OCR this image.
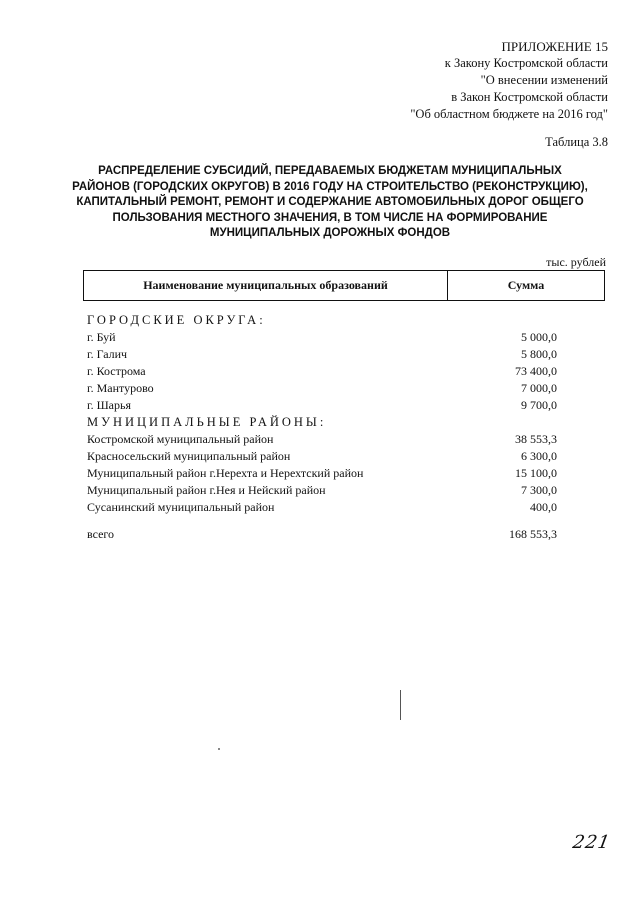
ПРИЛОЖЕНИЕ 15
к Закону Костромской области
"О внесении изменений
в Закон Костромской области
"Об областном бюджете на 2016 год"
Таблица 3.8
РАСПРЕДЕЛЕНИЕ СУБСИДИЙ, ПЕРЕДАВАЕМЫХ БЮДЖЕТАМ МУНИЦИПАЛЬНЫХ РАЙОНОВ (ГОРОДСКИХ ОКРУГОВ) В 2016 ГОДУ НА СТРОИТЕЛЬСТВО (РЕКОНСТРУКЦИЮ), КАПИТАЛЬНЫЙ РЕМОНТ, РЕМОНТ И СОДЕРЖАНИЕ АВТОМОБИЛЬНЫХ ДОРОГ ОБЩЕГО ПОЛЬЗОВАНИЯ МЕСТНОГО ЗНАЧЕНИЯ, В ТОМ ЧИСЛЕ НА ФОРМИРОВАНИЕ МУНИЦИПАЛЬНЫХ ДОРОЖНЫХ ФОНДОВ
тыс. рублей
Наименование муниципальных образований	Сумма
ГОРОДСКИЕ ОКРУГА:
г. Буй	5 000,0
г. Галич	5 800,0
г. Кострома	73 400,0
г. Мантурово	7 000,0
г. Шарья	9 700,0
МУНИЦИПАЛЬНЫЕ РАЙОНЫ:
Костромской муниципальный район	38 553,3
Красносельский муниципальный район	6 300,0
Муниципальный район г.Нерехта и Нерехтский район	15 100,0
Муниципальный район г.Нея и Нейский район	7 300,0
Сусанинский муниципальный район	400,0
всего	168 553,3
221
